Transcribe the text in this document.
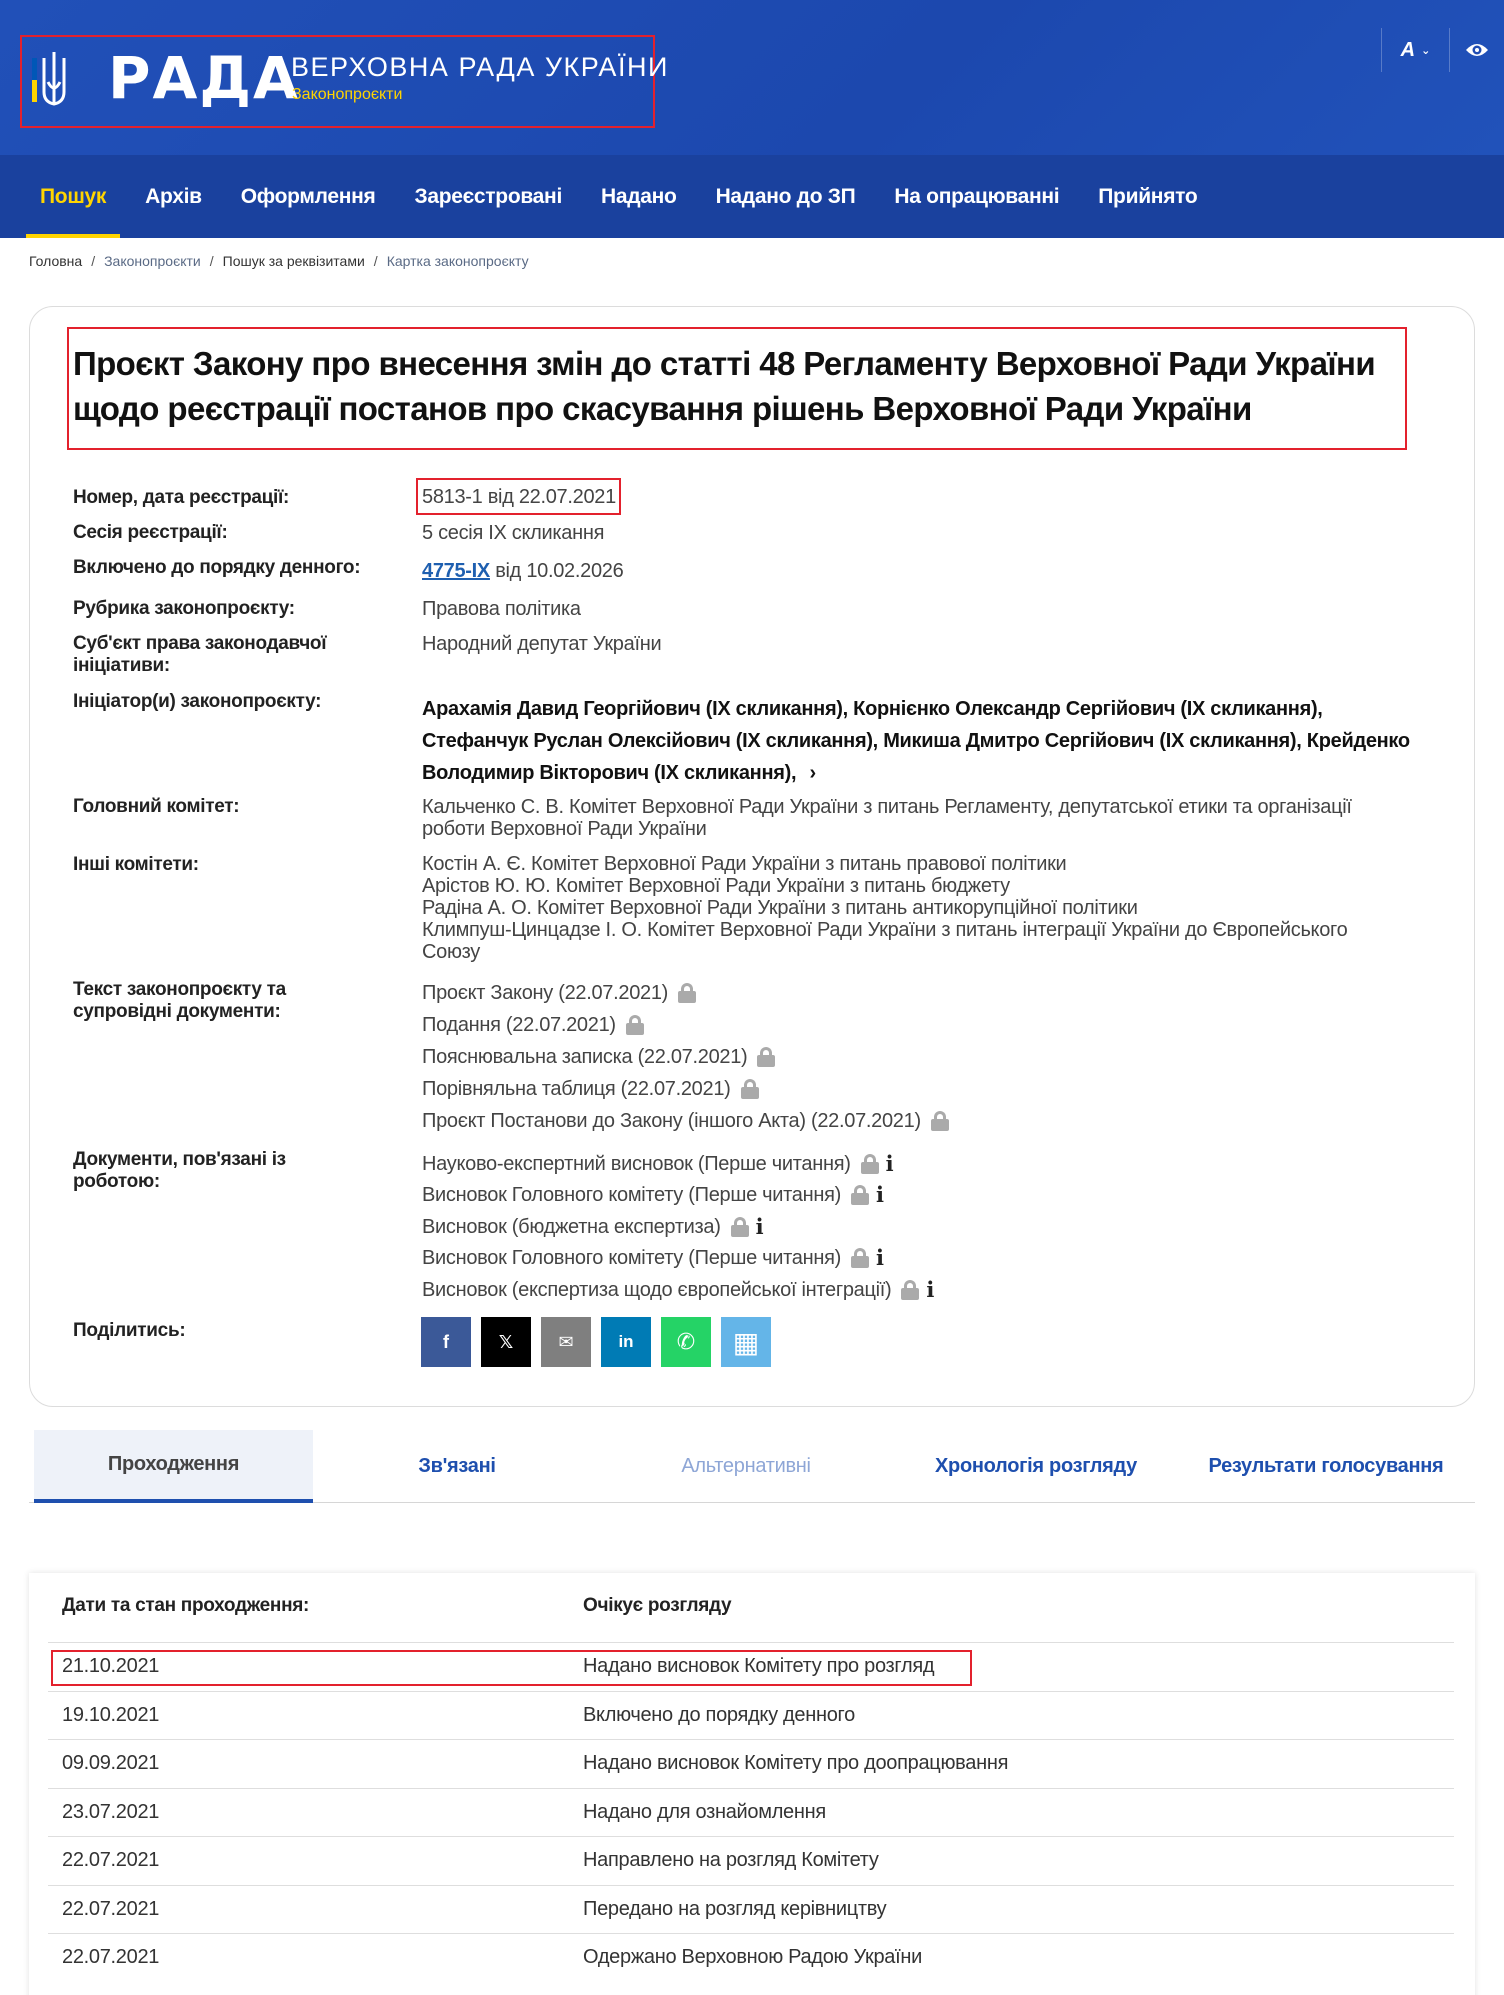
РАДА
ВЕРХОВНА РАДА УКРАЇНИ
Законопроєкти
A ⌄
Пошук	Архів	Оформлення	Зареєстровані	Надано	Надано до ЗП	На опрацюванні	Прийнято
Головна / Законопроєкти / Пошук за реквізитами / Картка законопроєкту
Проєкт Закону про внесення змін до статті 48 Регламенту Верховної Ради України
щодо реєстрації постанов про скасування рішень Верховної Ради України
Номер, дата реєстрації:	5813-1 від 22.07.2021
Сесія реєстрації:	5 сесія IX скликання
Включено до порядку денного:	4775-IX від 10.02.2026
Рубрика законопроєкту:	Правова політика
Суб'єкт права законодавчої
ініціативи:
Народний депутат України
Ініціатор(и) законопроєкту:	Арахамія Давид Георгійович (IX скликання), Корнієнко Олександр Сергійович (IX скликання),
Стефанчук Руслан Олексійович (IX скликання), Микиша Дмитро Сергійович (IX скликання), Крейденко
Володимир Вікторович (IX скликання), ›
Головний комітет:	Кальченко С. В. Комітет Верховної Ради України з питань Регламенту, депутатської етики та організації
роботи Верховної Ради України
Інші комітети:	Костін А. Є. Комітет Верховної Ради України з питань правової політики
Арістов Ю. Ю. Комітет Верховної Ради України з питань бюджету
Радіна А. О. Комітет Верховної Ради України з питань антикорупційної політики
Климпуш-Цинцадзе І. О. Комітет Верховної Ради України з питань інтеграції України до Європейського
Союзу
Текст законопроєкту та
супровідні документи:
Проєкт Закону (22.07.2021)
Подання (22.07.2021)
Пояснювальна записка (22.07.2021)
Порівняльна таблиця (22.07.2021)
Проєкт Постанови до Закону (іншого Акта) (22.07.2021)
Документи, пов'язані із
роботою:
Науково-експертний висновок (Перше читання) i
Висновок Головного комітету (Перше читання) i
Висновок (бюджетна експертиза) i
Висновок Головного комітету (Перше читання) i
Висновок (експертиза щодо європейської інтеграції) i
Поділитись:
f	𝕏	✉	in ✆ ▦
Проходження	Зв'язані	Альтернативні	Хронологія розгляду	Результати голосування
Дати та стан проходження:	Очікує розгляду
21.10.2021	Надано висновок Комітету про розгляд
19.10.2021	Включено до порядку денного
09.09.2021	Надано висновок Комітету про доопрацювання
23.07.2021	Надано для ознайомлення
22.07.2021	Направлено на розгляд Комітету
22.07.2021	Передано на розгляд керівництву
22.07.2021	Одержано Верховною Радою України
